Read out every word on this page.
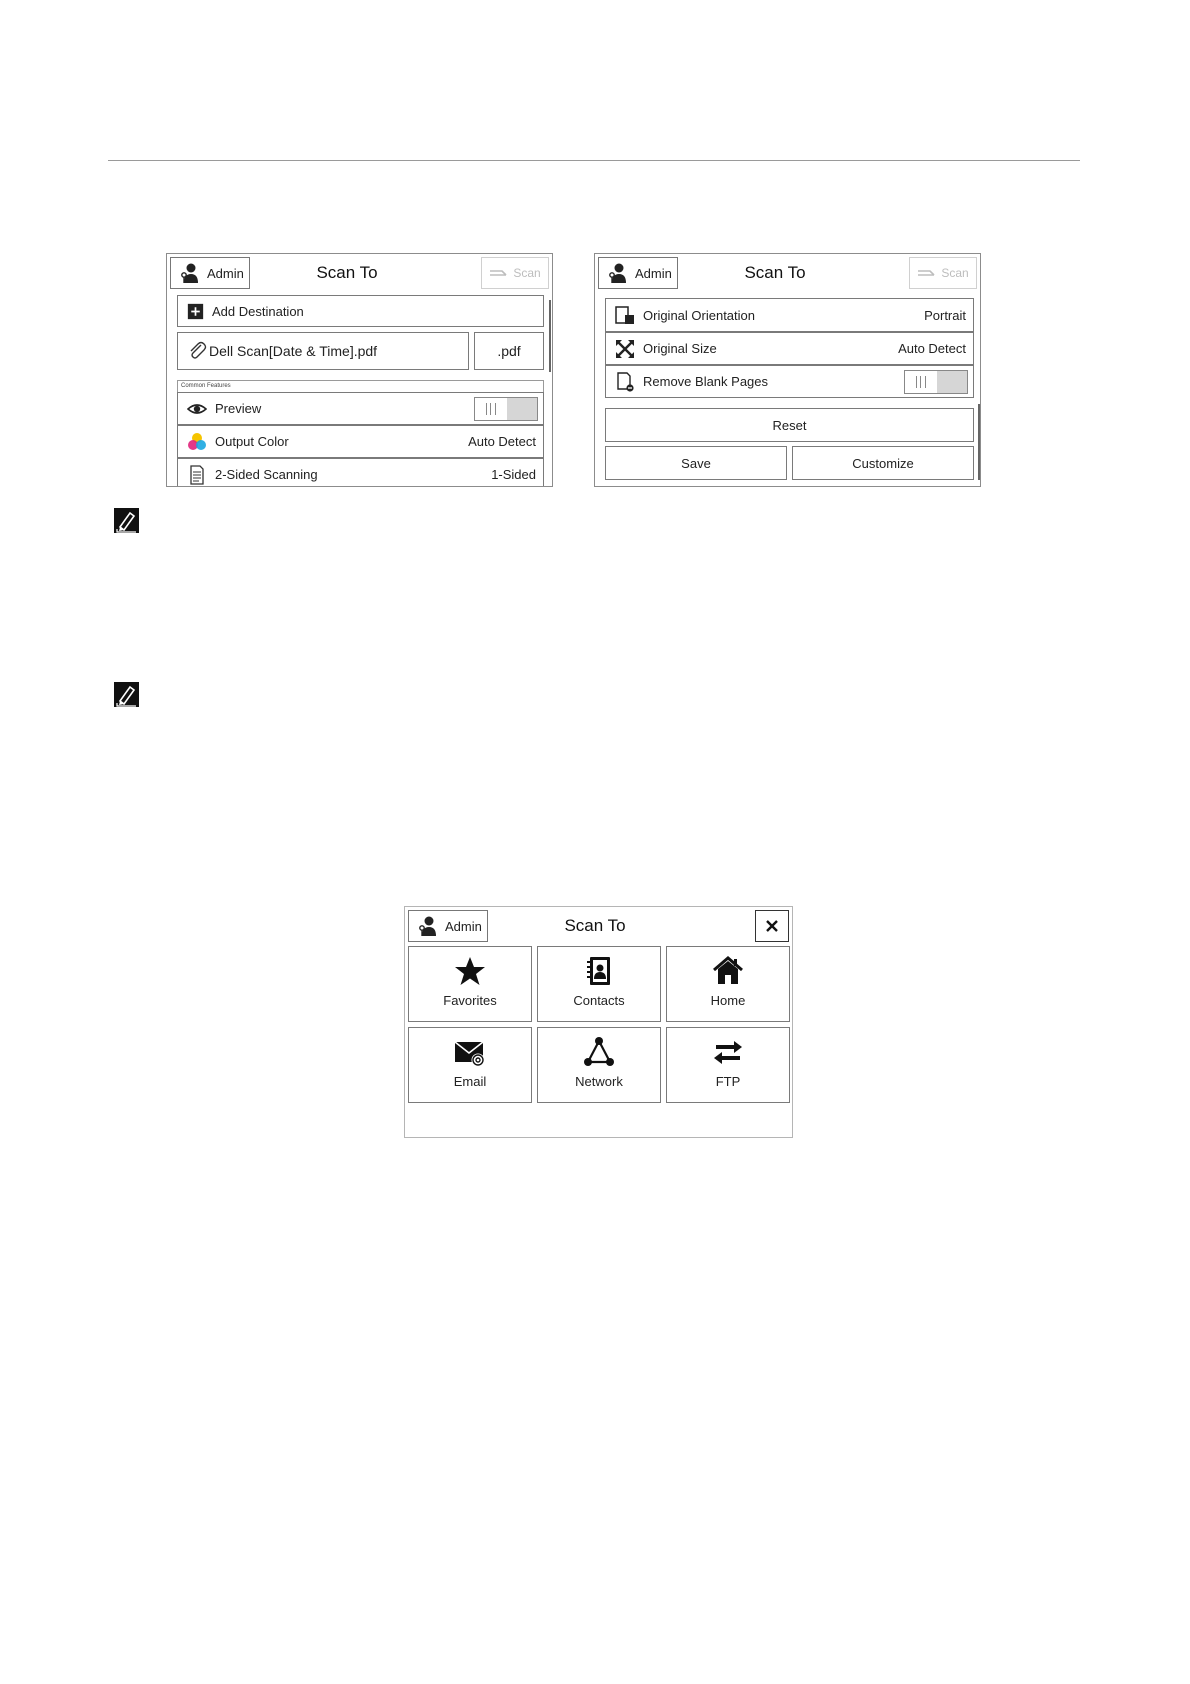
Admin	Scan To	Scan
Add Destination
Dell Scan[Date & Time].pdf	.pdf
Common Features
Preview
Output Color	Auto Detect
2-Sided Scanning	1-Sided
Admin	Scan To	Scan
Original Orientation	Portrait
Original Size	Auto Detect
Remove Blank Pages
Reset
Save	Customize
Admin	Scan To
Favorites	Contacts	Home
Email	Network	FTP
